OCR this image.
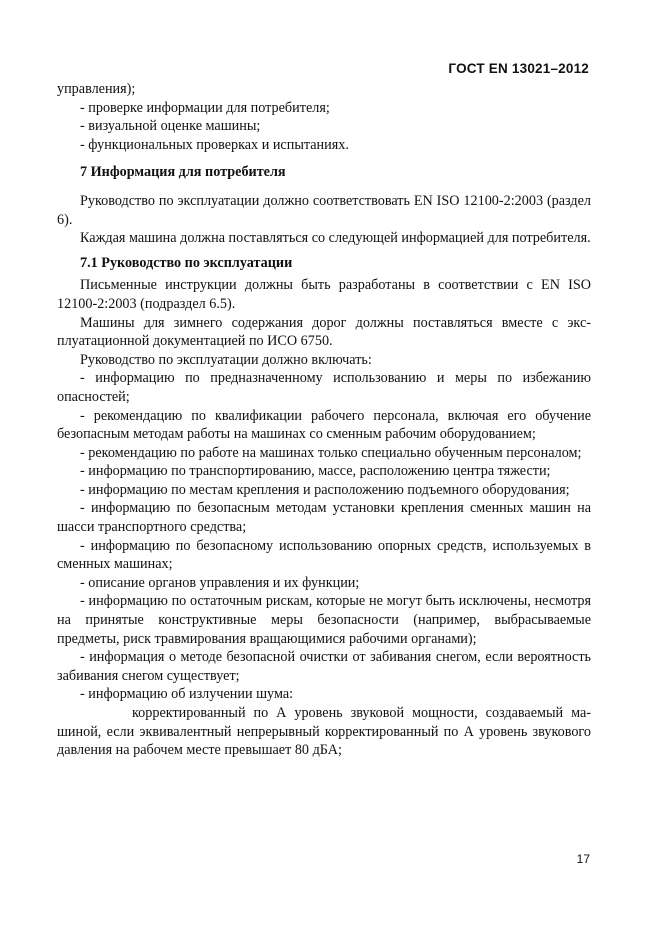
ГОСТ EN 13021–2012

управления);

- проверке информации для потребителя;

- визуальной оценке машины;

- функциональных проверках и испытаниях.

7 Информация для потребителя

Руководство по эксплуатации должно соответствовать EN ISO 12100-2:2003 (раздел 6).

Каждая машина должна поставляться со следующей информацией для потребителя.

7.1 Руководство по эксплуатации

Письменные инструкции должны быть разработаны в соответствии с EN ISO 12100-2:2003 (подраздел 6.5).

Машины для зимнего содержания дорог должны поставляться вместе с эксплуатационной документацией по ИСО 6750.

Руководство по эксплуатации должно включать:

- информацию по предназначенному использованию и меры по избежанию опасностей;

- рекомендацию по квалификации рабочего персонала, включая его обучение безопасным методам работы на машинах со сменным рабочим оборудованием;

- рекомендацию по работе на машинах только специально обученным персоналом;

- информацию по транспортированию, массе, расположению центра тяжести;

- информацию по местам крепления и расположению подъемного оборудования;

- информацию по безопасным методам установки крепления сменных машин на шасси транспортного средства;

- информацию по безопасному использованию опорных средств, используемых в сменных машинах;

- описание органов управления и их функции;

- информацию по остаточным рискам, которые не могут быть исключены, несмотря на принятые конструктивные меры безопасности (например, выбрасываемые предметы, риск травмирования вращающимися рабочими органами);

- информация о методе безопасной очистки от забивания снегом, если вероятность забивания снегом существует;

- информацию об излучении шума:

корректированный по А уровень звуковой мощности, создаваемый машиной, если эквивалентный непрерывный корректированный по А уровень звукового давления на рабочем месте превышает 80 дБА;

17
